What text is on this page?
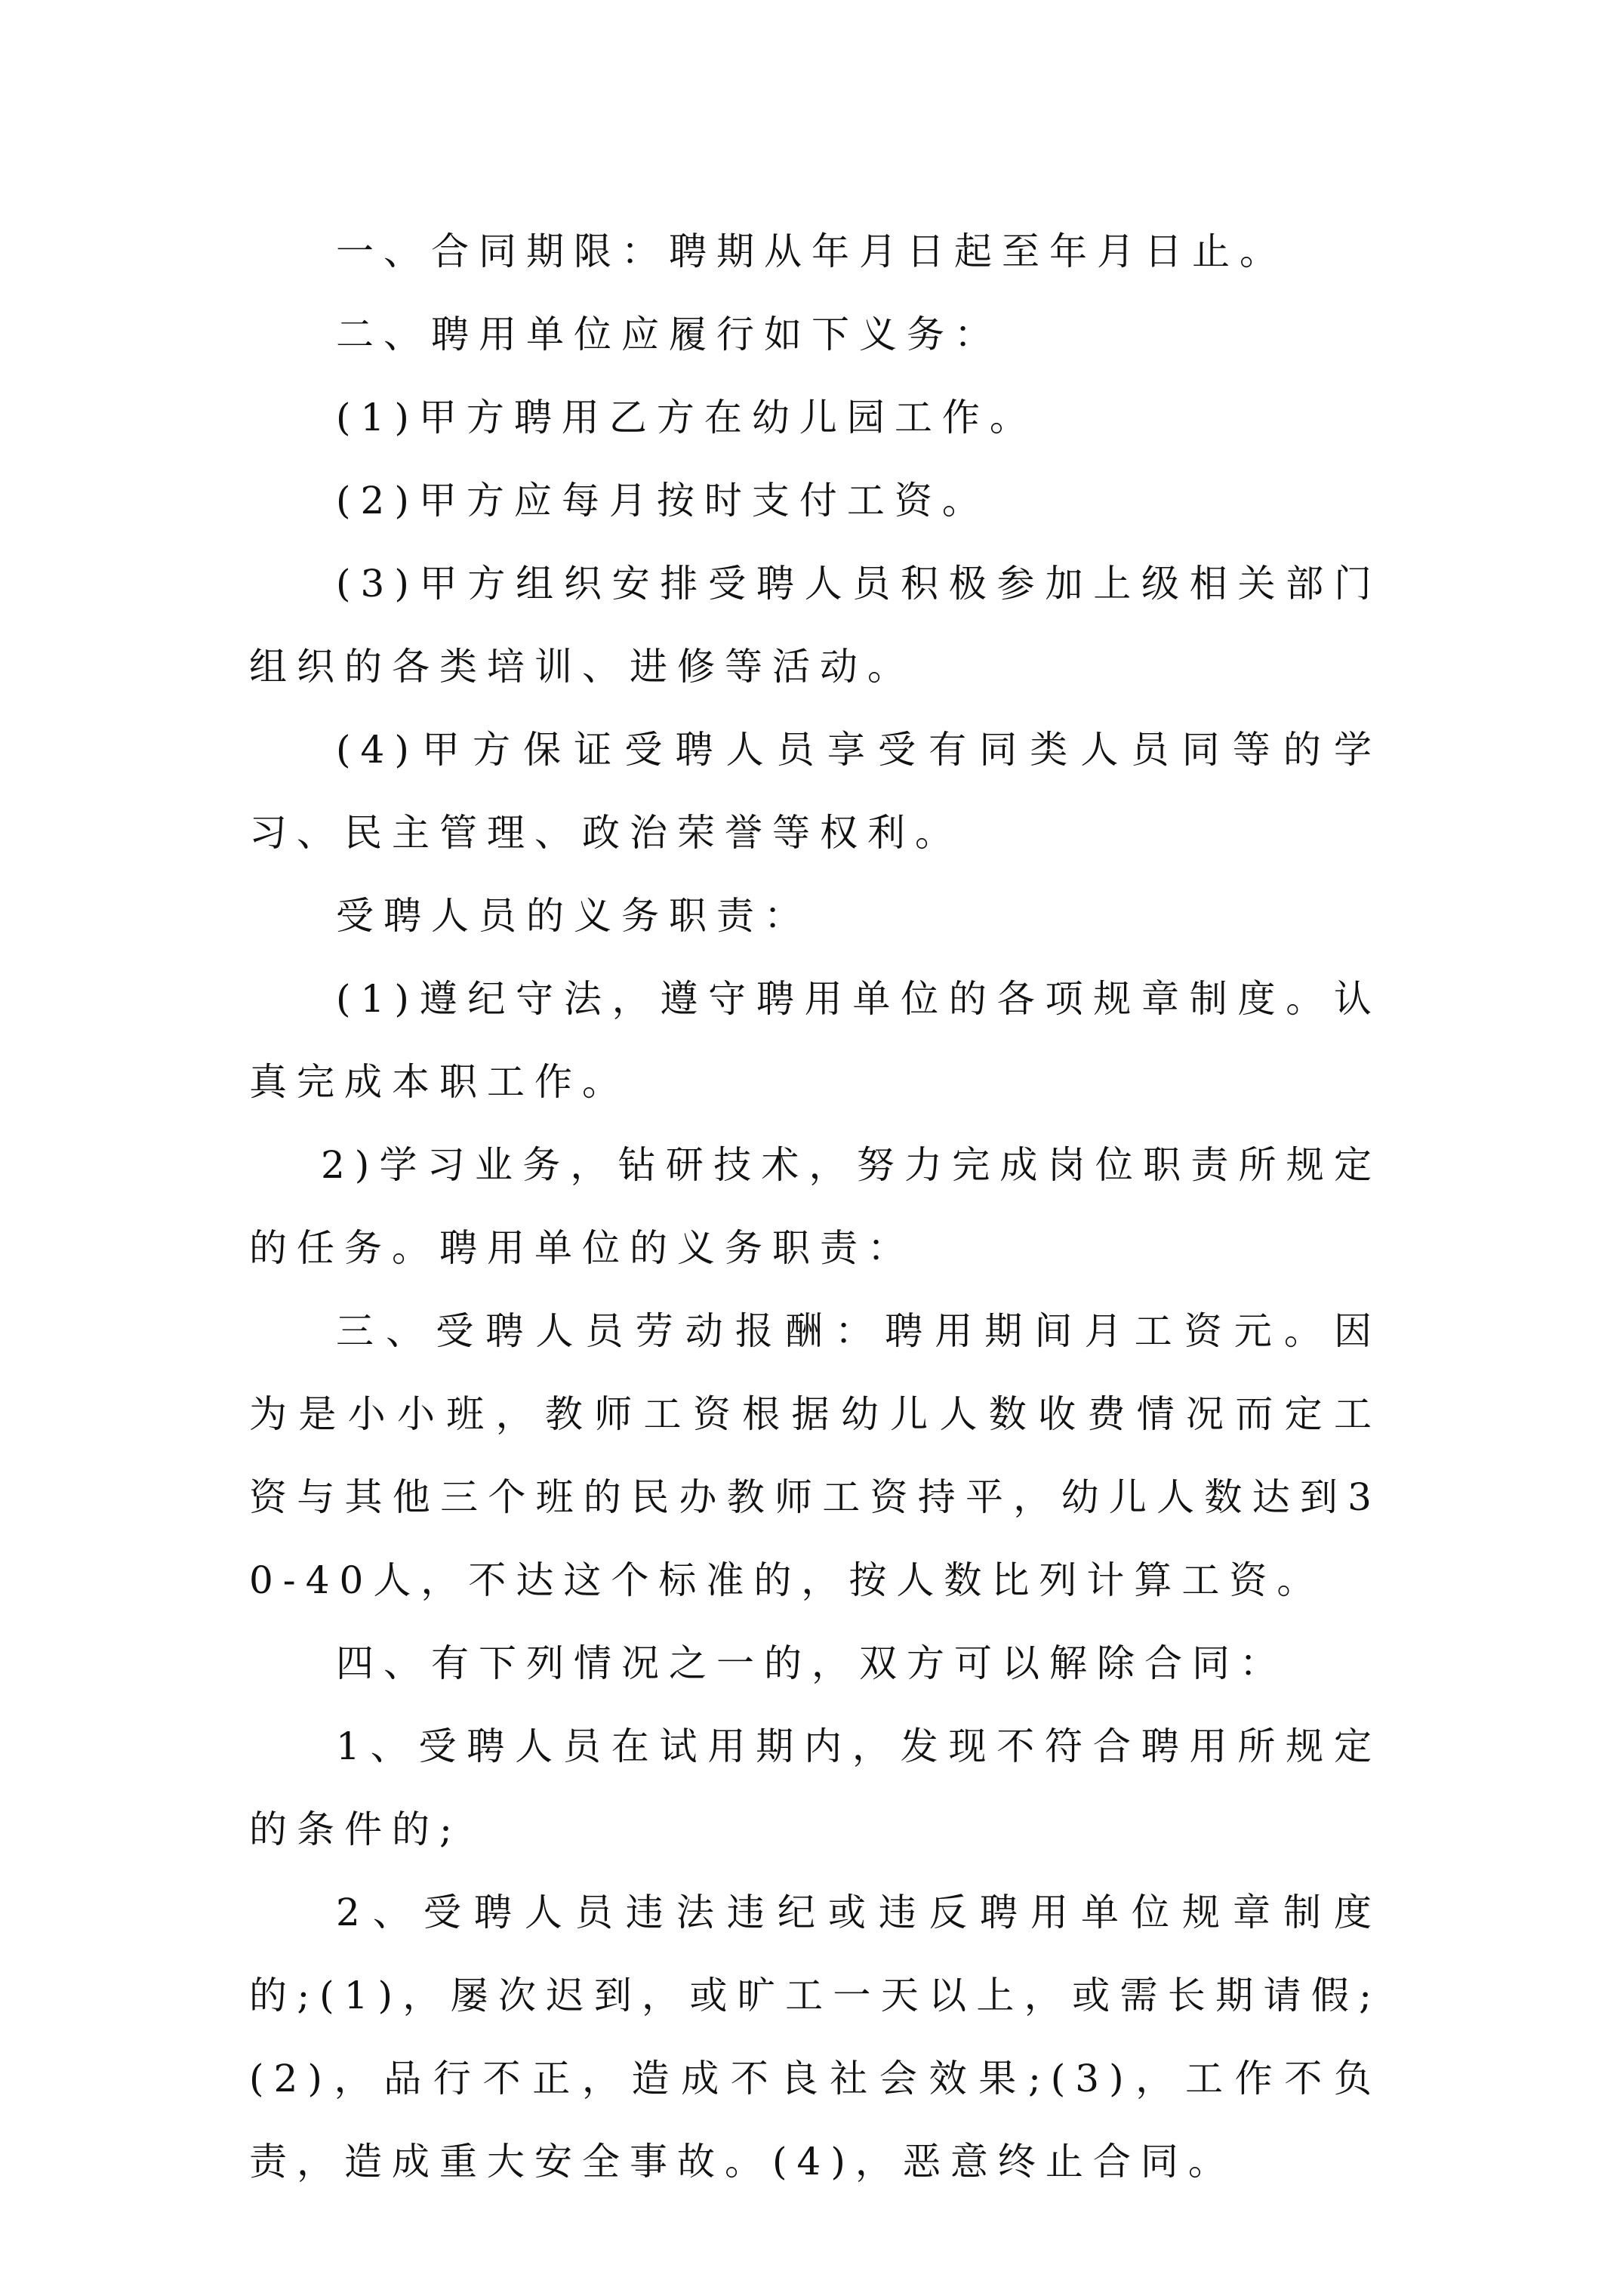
一、合同期限：聘期从年月日起至年月日止。

二、聘用单位应履行如下义务：

(1)甲方聘用乙方在幼儿园工作。

(2)甲方应每月按时支付工资。

(3)甲方组织安排受聘人员积极参加上级相关部门组织的各类培训、进修等活动。

(4)甲方保证受聘人员享受有同类人员同等的学习、民主管理、政治荣誉等权利。

受聘人员的义务职责：

(1)遵纪守法，遵守聘用单位的各项规章制度。认真完成本职工作。

2)学习业务，钻研技术，努力完成岗位职责所规定的任务。聘用单位的义务职责：

三、受聘人员劳动报酬：聘用期间月工资元。因为是小小班，教师工资根据幼儿人数收费情况而定工资与其他三个班的民办教师工资持平，幼儿人数达到30-40人，不达这个标准的，按人数比列计算工资。

四、有下列情况之一的，双方可以解除合同：

1、受聘人员在试用期内，发现不符合聘用所规定的条件的;

2、受聘人员违法违纪或违反聘用单位规章制度的;(1)，屡次迟到，或旷工一天以上，或需长期请假;(2)，品行不正，造成不良社会效果;(3)，工作不负责，造成重大安全事故。(4)，恶意终止合同。
